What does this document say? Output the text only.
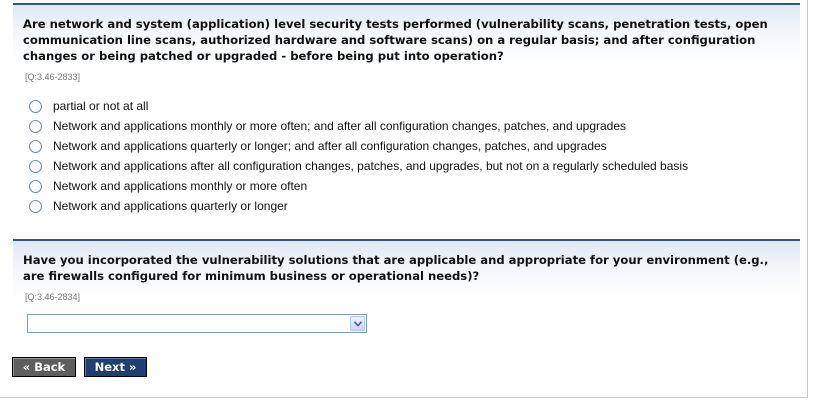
Are network and system (application) level security tests performed (vulnerability scans, penetration tests, open communication line scans, authorized hardware and software scans) on a regular basis; and after configuration changes or being patched or upgraded - before being put into operation?
[Q:3.46-2833]
partial or not at all
Network and applications monthly or more often; and after all configuration changes, patches, and upgrades
Network and applications quarterly or longer; and after all configuration changes, patches, and upgrades
Network and applications after all configuration changes, patches, and upgrades, but not on a regularly scheduled basis
Network and applications monthly or more often
Network and applications quarterly or longer
Have you incorporated the vulnerability solutions that are applicable and appropriate for your environment (e.g., are firewalls configured for minimum business or operational needs)?
[Q:3.46-2834]
« Back	Next »
